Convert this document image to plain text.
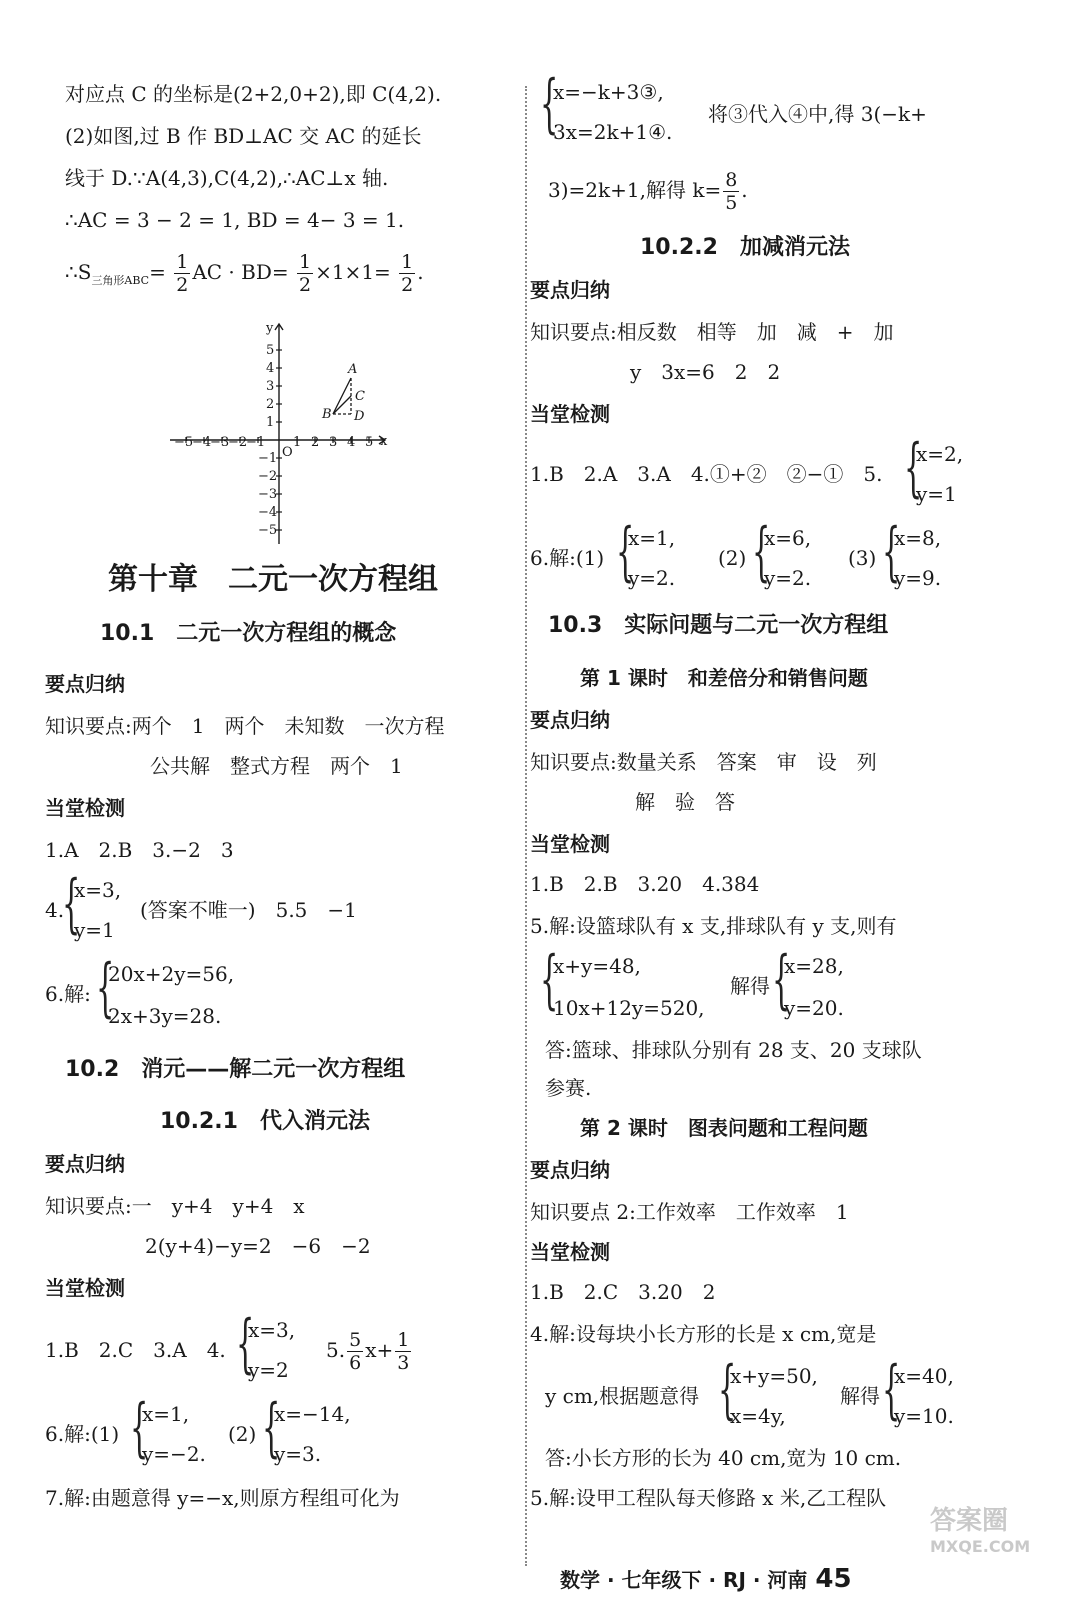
对应点 C 的坐标是(2+2,0+2),即 C(4,2).
(2)如图,过 B 作 BD⊥AC 交 AC 的延长
线于 D.∵A(4,3),C(4,2),∴AC⊥x 轴.
∴AC = 3 − 2 = 1, BD = 4− 3 = 1.
$\therefore S_{三角形ABC}= \frac{1}{2}$ AC · $BD= \frac{1}{2} \times 1\times 1= \frac{1}{2}$ .
y
x
O
−5
−4
−3
−2
−1 1 2 3 4 5
1
2
3
4
5
−1
−2
−3
−4
−5
A
B
C
D
第十章　二元一次方程组
10.1　二元一次方程组的概念
要点归纳
知识要点:两个　1　两个　未知数　一次方程
公共解　整式方程　两个　1
当堂检测
1.A　2.B　3.−2　3
4.
{
x=3,
y=1
(答案不唯一)　5.5　−1
6.解: {
20x+2y=56,
2x+3y=28.
10.2　消元——解二元一次方程组
10.2.1　代入消元法
要点归纳
知识要点:一　y+4　y+4　x
2(y+4)−y=2　−6　−2
当堂检测
1.B　2.C　3.A　4. {
x=3,
y=2
5. $\frac{5}{6} x+ \frac{1}{3}$
6.解:(1) {
x=1,
y=−2.
(2) {
x=−14,
y=3.
7.解:由题意得 y=−x,则原方程组可化为
{
x=−k+3③,
3x=2k+1④.
将③代入④中,得 3(−k+
3)=2k+1,解得 $k= \frac{8}{5}$ .
10.2.2　加减消元法
要点归纳
知识要点:相反数　相等　加　减　+　加
y　3x=6　2　2
当堂检测
1.B　2.A　3.A　4.①+②　②−①　5. {
x=2,
y=1
6.解:(1) {
x=1,
y=2.
(2) {
x=6,
y=2.
(3) {
x=8,
y=9.
10.3　实际问题与二元一次方程组
第 1 课时　和差倍分和销售问题
要点归纳
知识要点:数量关系　答案　审　设　列
解　验　答
当堂检测
1.B　2.B　3.20　4.384
5.解:设篮球队有 x 支,排球队有 y 支,则有
{
x+y=48,
10x+12y=520,
解得 {
x=28,
y=20.
答:篮球、排球队分别有 28 支、20 支球队
参赛.
第 2 课时　图表问题和工程问题
要点归纳
知识要点 2:工作效率　工作效率　1
当堂检测
1.B　2.C　3.20　2
4.解:设每块小长方形的长是 x cm,宽是
y cm,根据题意得 {
x+y=50,
x=4y,
解得 {
x=40,
y=10.
答:小长方形的长为 40 cm,宽为 10 cm.
5.解:设甲工程队每天修路 x 米,乙工程队
数学 · 七年级下 · RJ · 河南 45
答案圈
MXQE.COM
